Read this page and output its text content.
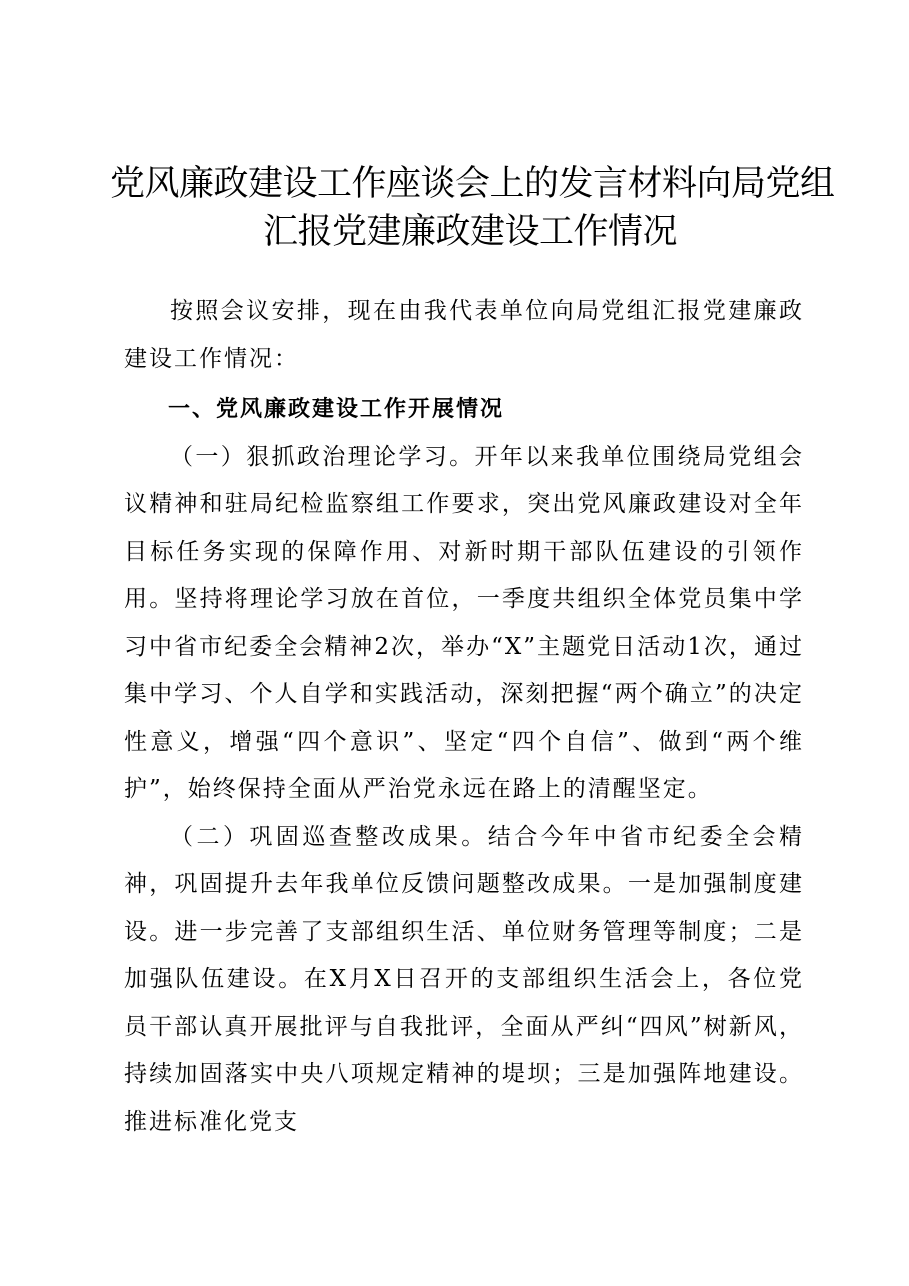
党风廉政建设工作座谈会上的发言材料向局党组
汇报党建廉政建设工作情况

按照会议安排，现在由我代表单位向局党组汇报党建廉政建设工作情况：

一、党风廉政建设工作开展情况

（一）狠抓政治理论学习。开年以来我单位围绕局党组会议精神和驻局纪检监察组工作要求，突出党风廉政建设对全年目标任务实现的保障作用、对新时期干部队伍建设的引领作用。坚持将理论学习放在首位，一季度共组织全体党员集中学习中省市纪委全会精神2次，举办“X”主题党日活动1次，通过集中学习、个人自学和实践活动，深刻把握“两个确立”的决定性意义，增强“四个意识”、坚定“四个自信”、做到“两个维护”，始终保持全面从严治党永远在路上的清醒坚定。

（二）巩固巡查整改成果。结合今年中省市纪委全会精神，巩固提升去年我单位反馈问题整改成果。一是加强制度建设。进一步完善了支部组织生活、单位财务管理等制度；二是加强队伍建设。在X月X日召开的支部组织生活会上，各位党员干部认真开展批评与自我批评，全面从严纠“四风”树新风，持续加固落实中央八项规定精神的堤坝；三是加强阵地建设。推进标准化党支
